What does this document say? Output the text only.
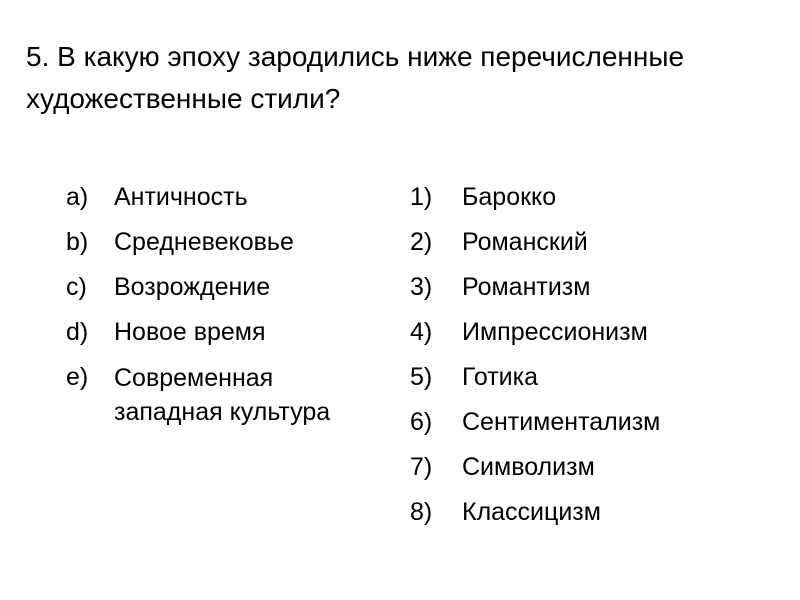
5. В какую эпоху зародились ниже перечисленные художественные стили?
a)	Античность
b)	Средневековье
c)	Возрождение
d)	Новое время
e)	Современная западная культура
1)	Барокко
2)	Романский
3)	Романтизм
4)	Импрессионизм
5)	Готика
6)	Сентиментализм
7)	Символизм
8)	Классицизм
